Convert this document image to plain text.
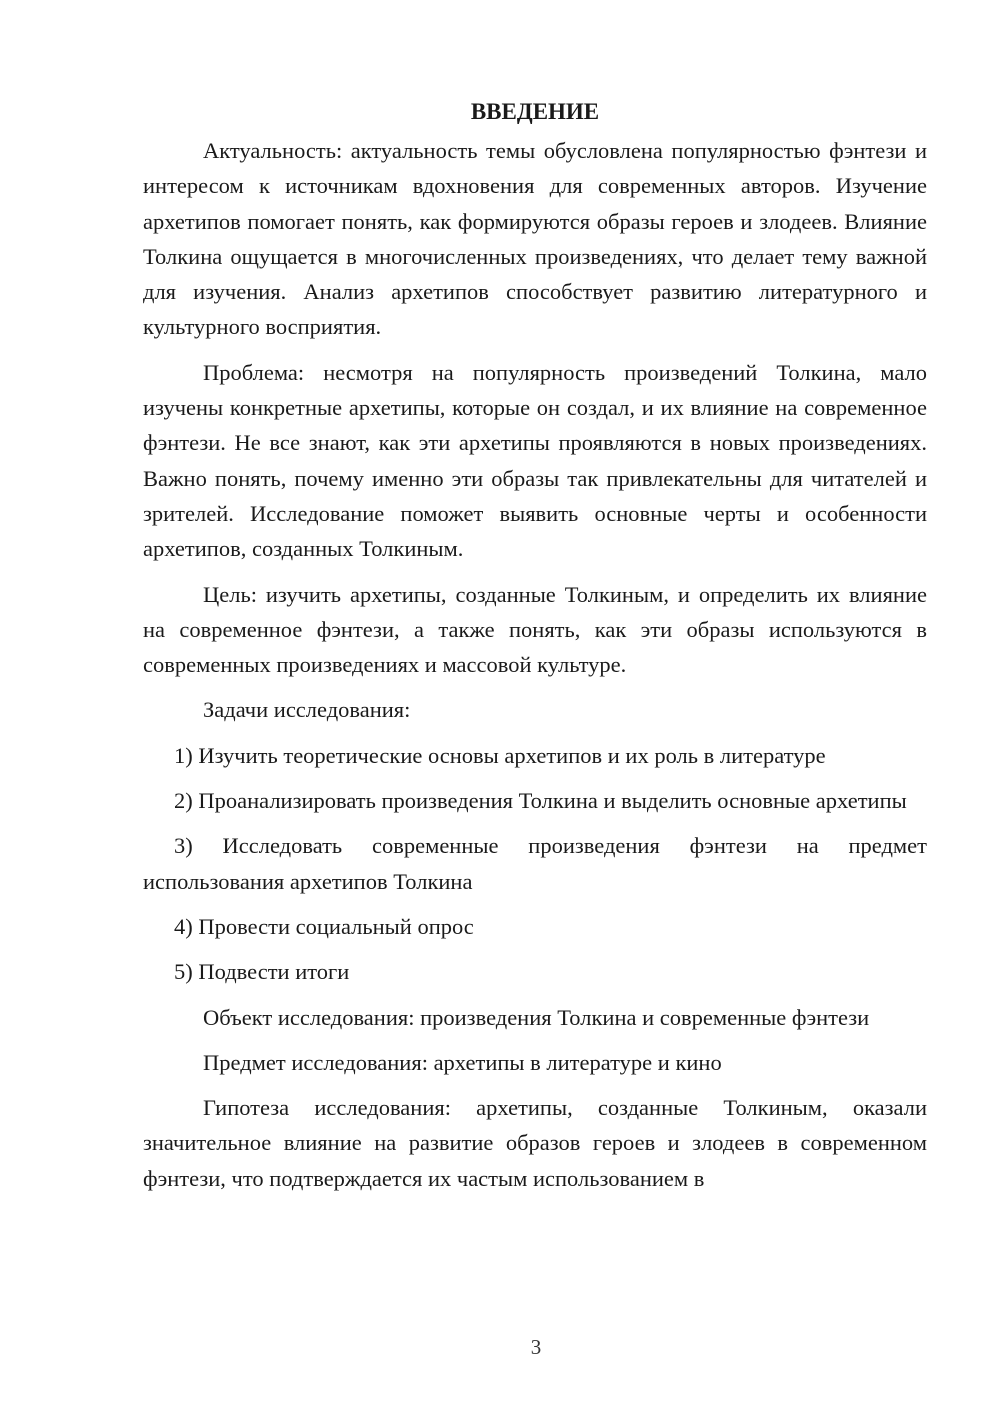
ВВЕДЕНИЕ

Актуальность: актуальность темы обусловлена популярностью фэнтези и интересом к источникам вдохновения для современных авторов. Изучение архетипов помогает понять, как формируются образы героев и злодеев. Влияние Толкина ощущается в многочисленных произведениях, что делает тему важной для изучения. Анализ архетипов способствует развитию литературного и культурного восприятия.

Проблема: несмотря на популярность произведений Толкина, мало изучены конкретные архетипы, которые он создал, и их влияние на современное фэнтези. Не все знают, как эти архетипы проявляются в новых произведениях. Важно понять, почему именно эти образы так привлекательны для читателей и зрителей. Исследование поможет выявить основные черты и особенности архетипов, созданных Толкиным.

Цель: изучить архетипы, созданные Толкиным, и определить их влияние на современное фэнтези, а также понять, как эти образы используются в современных произведениях и массовой культуре.

Задачи исследования:

1) Изучить теоретические основы архетипов и их роль в литературе

2) Проанализировать произведения Толкина и выделить основные архетипы

3) Исследовать современные произведения фэнтези на предмет использования архетипов Толкина

4) Провести социальный опрос

5) Подвести итоги

Объект исследования: произведения Толкина и современные фэнтези

Предмет исследования: архетипы в литературе и кино

Гипотеза исследования: архетипы, созданные Толкиным, оказали значительное влияние на развитие образов героев и злодеев в современном фэнтези, что подтверждается их частым использованием в

3
